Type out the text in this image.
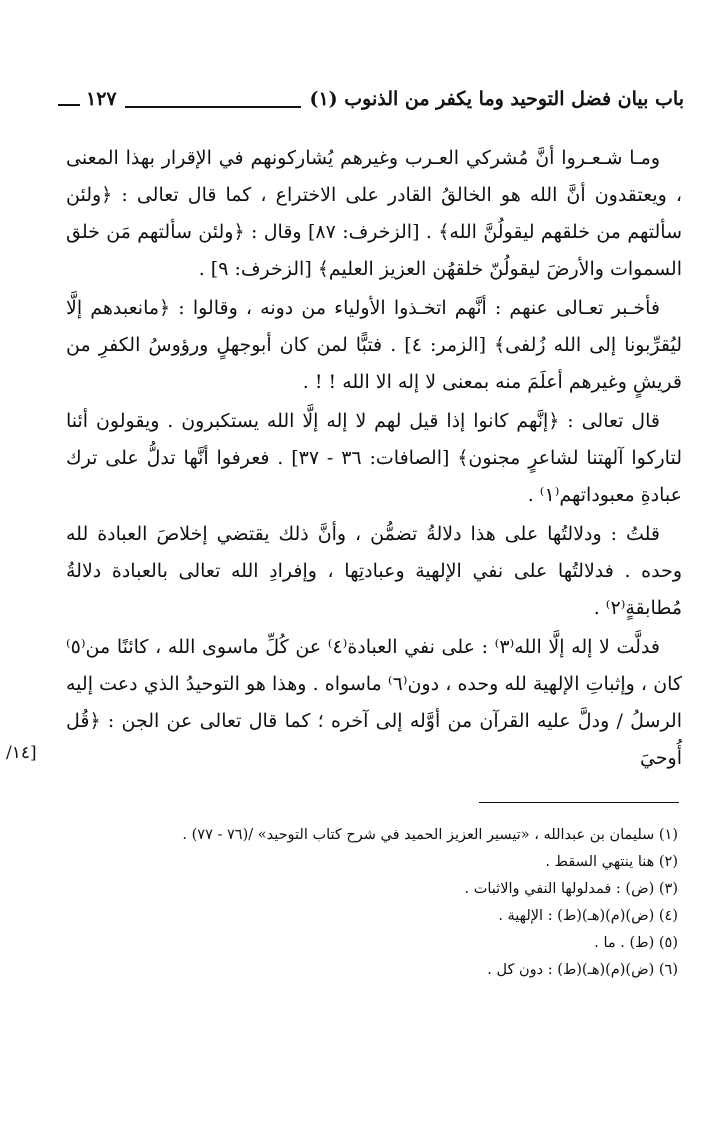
باب بيان فضل التوحيد وما يكفر من الذنوب (١)
١٢٧

ومـا شـعـروا أنَّ مُشركي العـرب وغيرهم يُشاركونهم في الإقرار بهذا المعنى ، ويعتقدون أنَّ الله هو الخالقُ القادر على الاختراع ، كما قال تعالى : ﴿ولئن سألتهم من خلقهم ليقولُنَّ الله﴾ . [الزخرف: ٨٧] وقال : ﴿ولئن سألتهم مَن خلق السموات والأرضَ ليقولُنّ خلقهُن العزيز العليم﴾ [الزخرف: ٩] .

فأخـبر تعـالى عنهم : أنَّهم اتخـذوا الأولياء من دونه ، وقالوا : ﴿مانعبدهم إلَّا ليُقرِّبونا إلى الله زُلفى﴾ [الزمر: ٤] . فتبًّا لمن كان أبوجهلٍ ورؤوسُ الكفرِ من قريشٍ وغيرهم أعلَمَ منه بمعنى لا إله الا الله ! ! .

قال تعالى : ﴿إنَّهم كانوا إذا قيل لهم لا إله إلَّا الله يستكبرون . ويقولون أئنا لتاركوا آلهتنا لشاعرٍ مجنون﴾ [الصافات: ٣٦ - ٣٧] . فعرفوا أنَّها تدلُّ على ترك عبادةِ معبوداتهم⁽١⁾ .

قلتُ : ودلالتُها على هذا دلالةُ تضمُّن ، وأنَّ ذلك يقتضي إخلاصَ العبادة لله وحده . فدلالتُها على نفي الإلهية وعبادتِها ، وإفرادِ الله تعالى بالعبادة دلالةُ مُطابقةٍ⁽٢⁾ .

فدلَّت لا إله إلَّا الله⁽٣⁾ : على نفي العبادة⁽٤⁾ عن كُلِّ ماسوى الله ، كائنًا من⁽٥⁾ كان ، وإثباتِ الإلهية لله وحده ، دون⁽٦⁾ ماسواه . وهذا هو التوحيدُ الذي دعت إليه الرسلُ / ودلَّ عليه القرآن من أوَّله إلى آخره ؛ كما قال تعالى عن الجن : ﴿قُل أُوحيَ

[١٤/
(١) سليمان بن عبدالله ، «تيسير العزيز الحميد في شرح كتاب التوحيد» /(٧٦ - ٧٧) .
(٢) هنا ينتهي السقط .
(٣) (ض) : فمدلولها النفي والاثبات .
(٤) (ض)(م)(هـ)(ط) : الإلهية .
(٥) (ط) . ما .
(٦) (ض)(م)(هـ)(ط) : دون كل .
